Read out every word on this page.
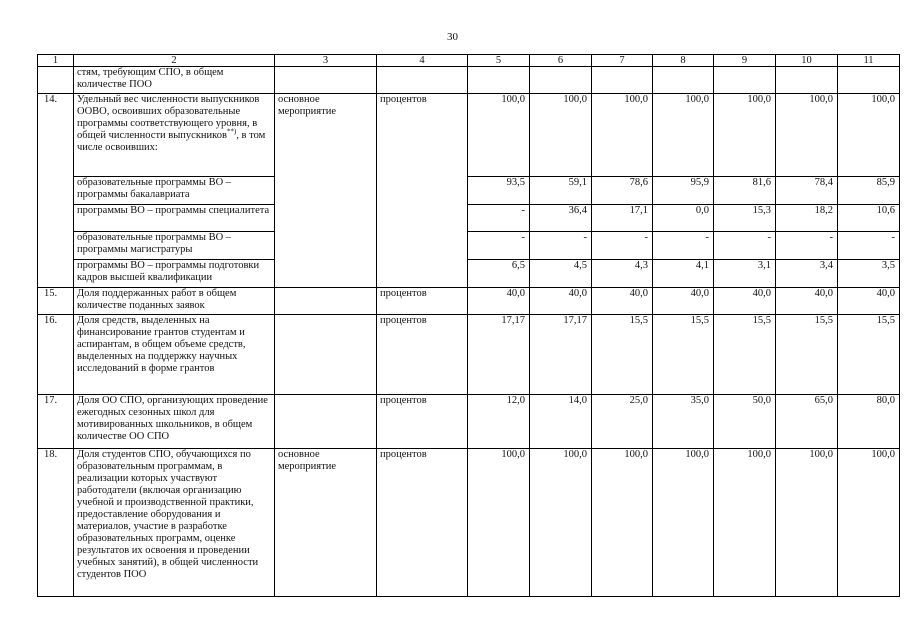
30
1	2	3	4	5	6	7	8	9	10	11
	стям, требующим СПО, в общем количестве ПОО									
14.	Удельный вес численности выпускников ООВО, освоивших образовательные программы соответствующего уровня, в общей численности выпускников**), в том числе освоивших:	основное мероприятие	процентов	100,0	100,0	100,0	100,0	100,0	100,0	100,0
	образовательные программы ВО – программы бакалавриата			93,5	59,1	78,6	95,9	81,6	78,4	85,9
	программы ВО – программы специалитета			-	36,4	17,1	0,0	15,3	18,2	10,6
	образовательные программы ВО – программы магистратуры			-	-	-	-	-	-	-
	программы ВО – программы подготовки кадров высшей квалификации			6,5	4,5	4,3	4,1	3,1	3,4	3,5
15.	Доля поддержанных работ в общем количестве поданных заявок		процентов	40,0	40,0	40,0	40,0	40,0	40,0	40,0
16.	Доля средств, выделенных на финансирование грантов студентам и аспирантам, в общем объеме средств, выделенных на поддержку научных исследований в форме грантов		процентов	17,17	17,17	15,5	15,5	15,5	15,5	15,5
17.	Доля ОО СПО, организующих проведение ежегодных сезонных школ для мотивированных школьников, в общем количестве ОО СПО		процентов	12,0	14,0	25,0	35,0	50,0	65,0	80,0
18.	Доля студентов СПО, обучающихся по образовательным программам, в реализации которых участвуют работодатели (включая организацию учебной и производственной практики, предоставление оборудования и материалов, участие в разработке образовательных программ, оценке результатов их освоения и проведении учебных занятий), в общей численности студентов ПОО	основное мероприятие	процентов	100,0	100,0	100,0	100,0	100,0	100,0	100,0
